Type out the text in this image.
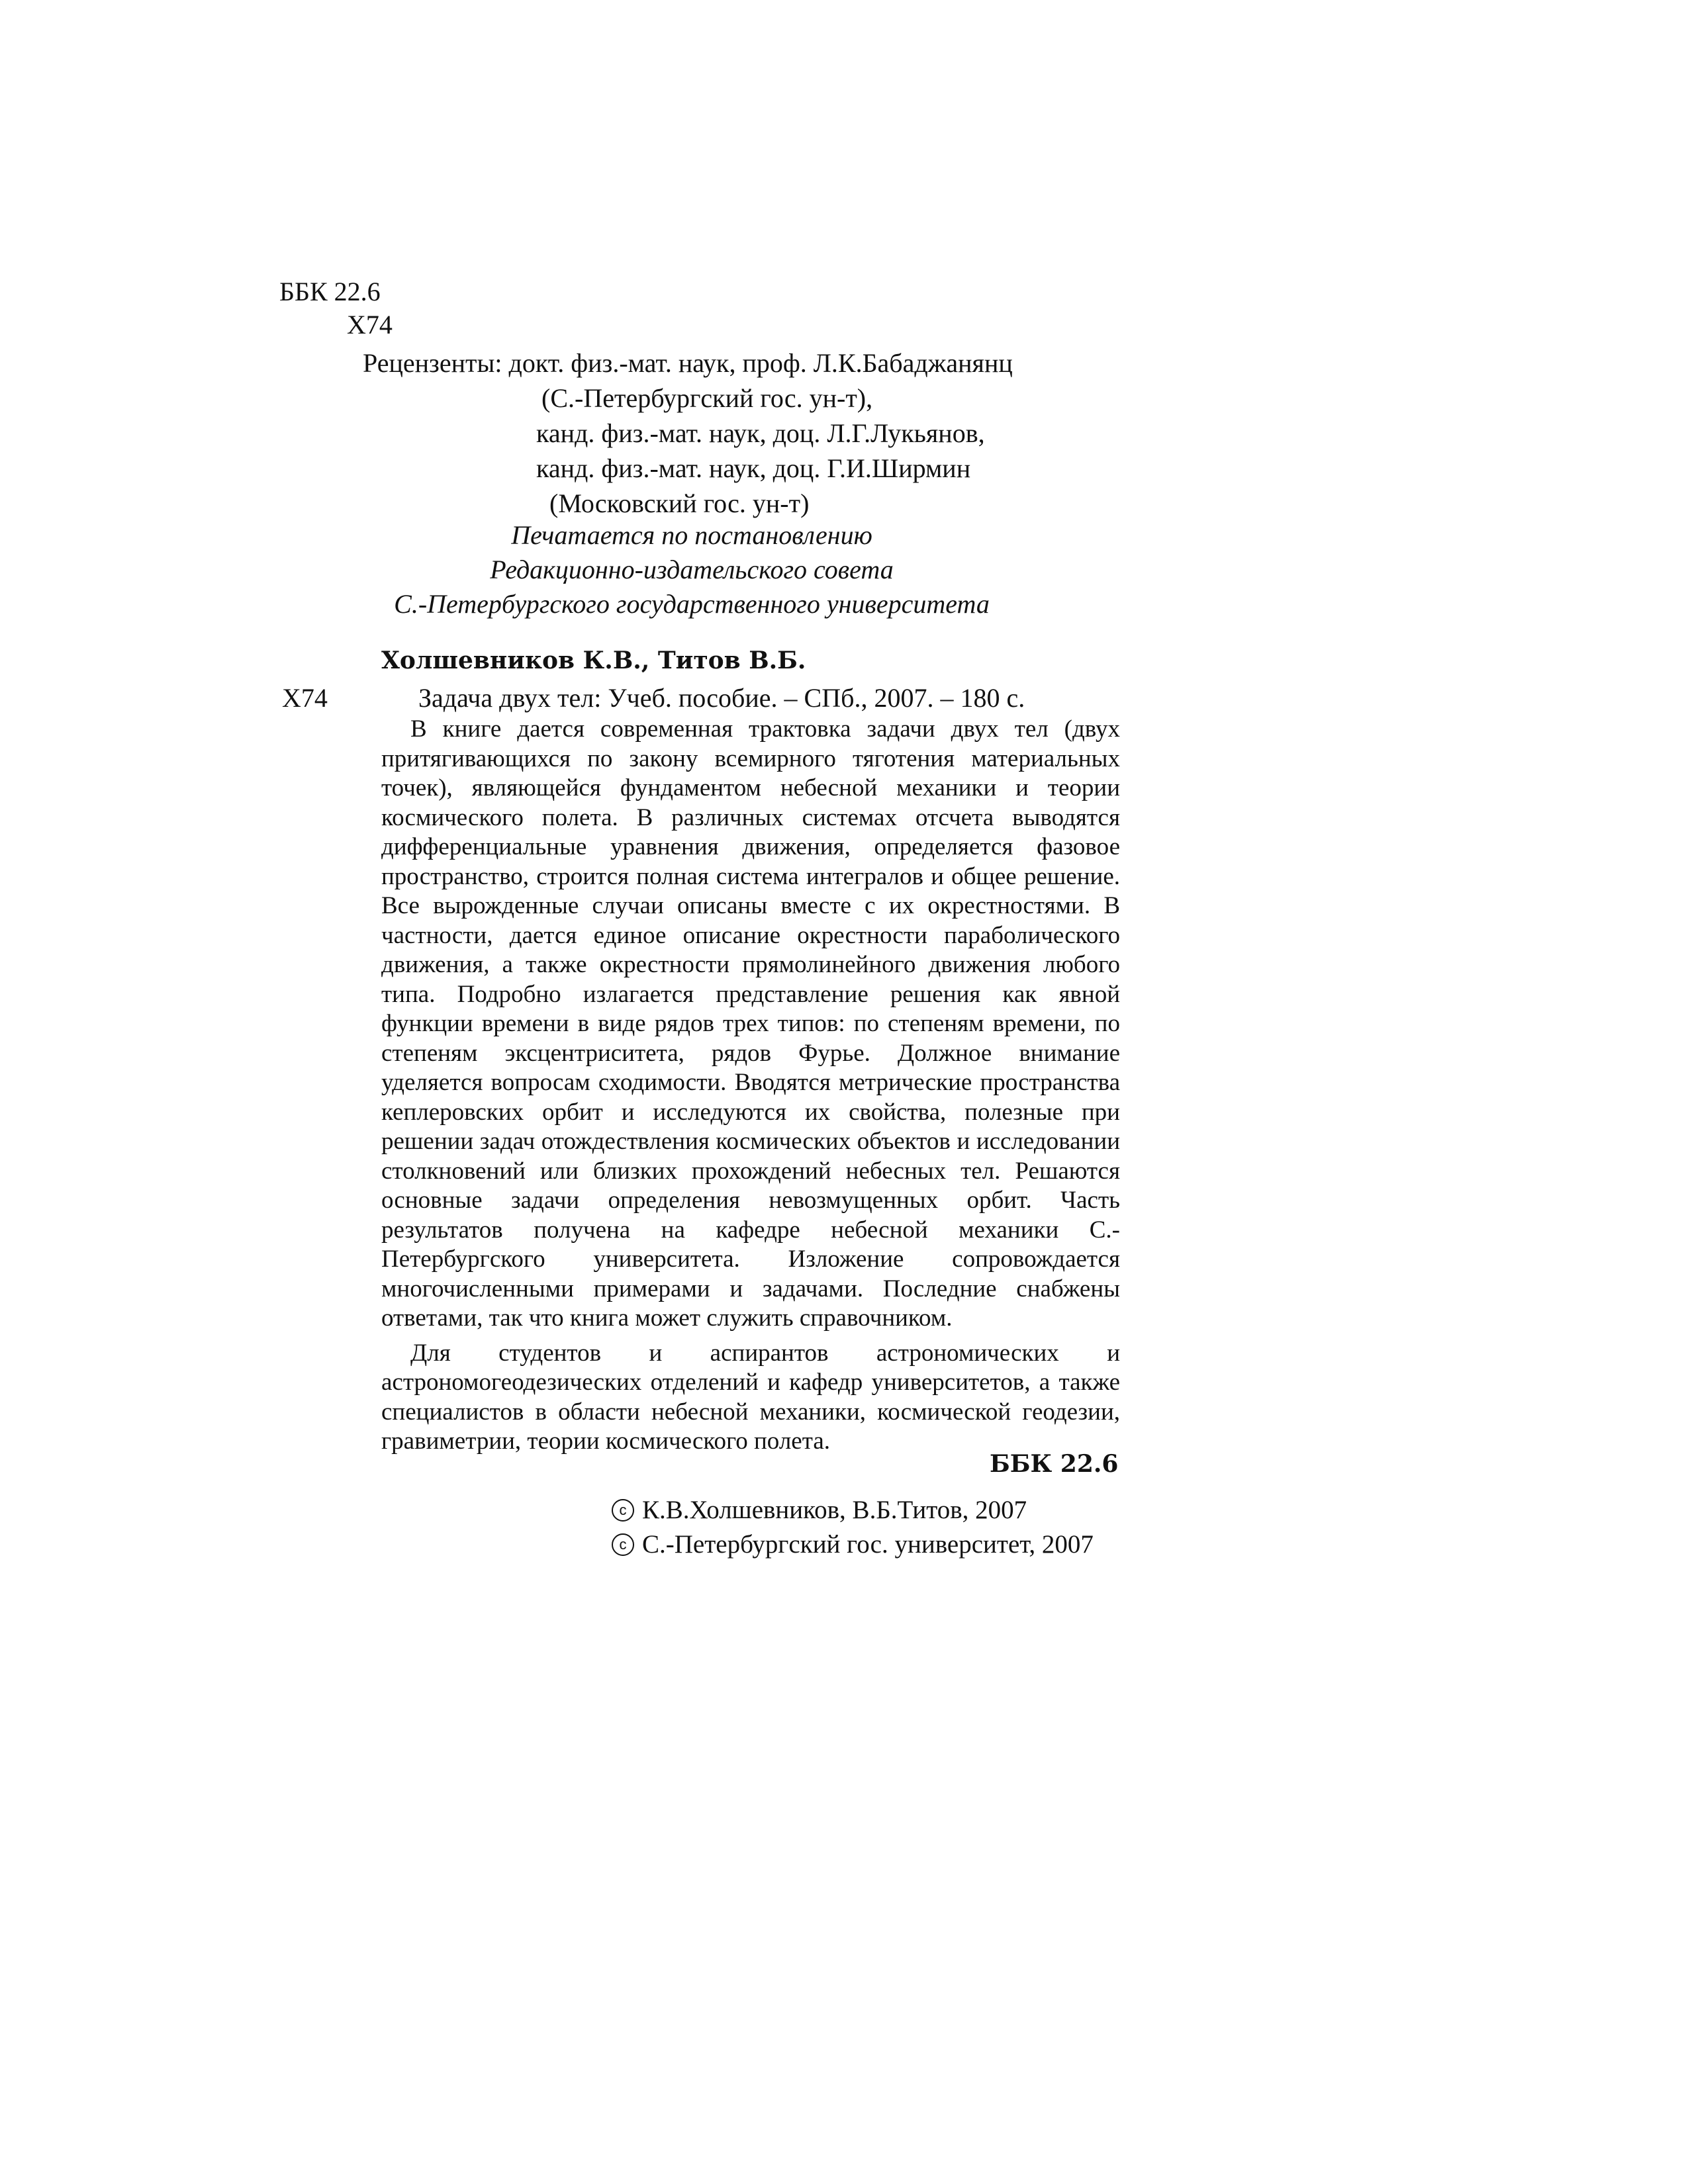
ББК 22.6
Х74
Рецензенты: докт. физ.-мат. наук, проф. Л.К.Бабаджанянц
(С.-Петербургский гос. ун-т),
канд. физ.-мат. наук, доц. Л.Г.Лукьянов,
канд. физ.-мат. наук, доц. Г.И.Ширмин
(Московский гос. ун-т)
Печатается по постановлению
Редакционно-издательского совета
С.-Петербургского государственного университета
Холшевников К.В., Титов В.Б.
Х74	Задача двух тел: Учеб. пособие. – СПб., 2007. – 180 с.

В книге дается современная трактовка задачи двух тел (двух притягивающихся по закону всемирного тяготения материальных точек), являющейся фундаментом небесной механики и теории космического полета. В различных системах отсчета выводятся дифференциальные уравнения движения, определяется фазовое пространство, строится полная система интегралов и общее решение. Все вырожденные случаи описаны вместе с их окрестностями. В частности, дается единое описание окрестности параболического движения, а также окрестности прямолинейного движения любого типа. Подробно излагается представление решения как явной функции времени в виде рядов трех типов: по степеням времени, по степеням эксцентриситета, рядов Фурье. Должное внимание уделяется вопросам сходимости. Вводятся метрические пространства кеплеровских орбит и исследуются их свойства, полезные при решении задач отождествления космических объектов и исследовании столкновений или близких прохождений небесных тел. Решаются основные задачи определения невозмущенных орбит. Часть результатов получена на кафедре небесной механики С.-Петербургского университета. Изложение сопровождается многочисленными примерами и задачами. Последние снабжены ответами, так что книга может служить справочником.

Для студентов и аспирантов астрономических и астрономогеодезических отделений и кафедр университетов, а также специалистов в области небесной механики, космической геодезии, гравиметрии, теории космического полета.

ББК 22.6
c К.В.Холшевников, В.Б.Титов, 2007
c С.-Петербургский гос. университет, 2007
